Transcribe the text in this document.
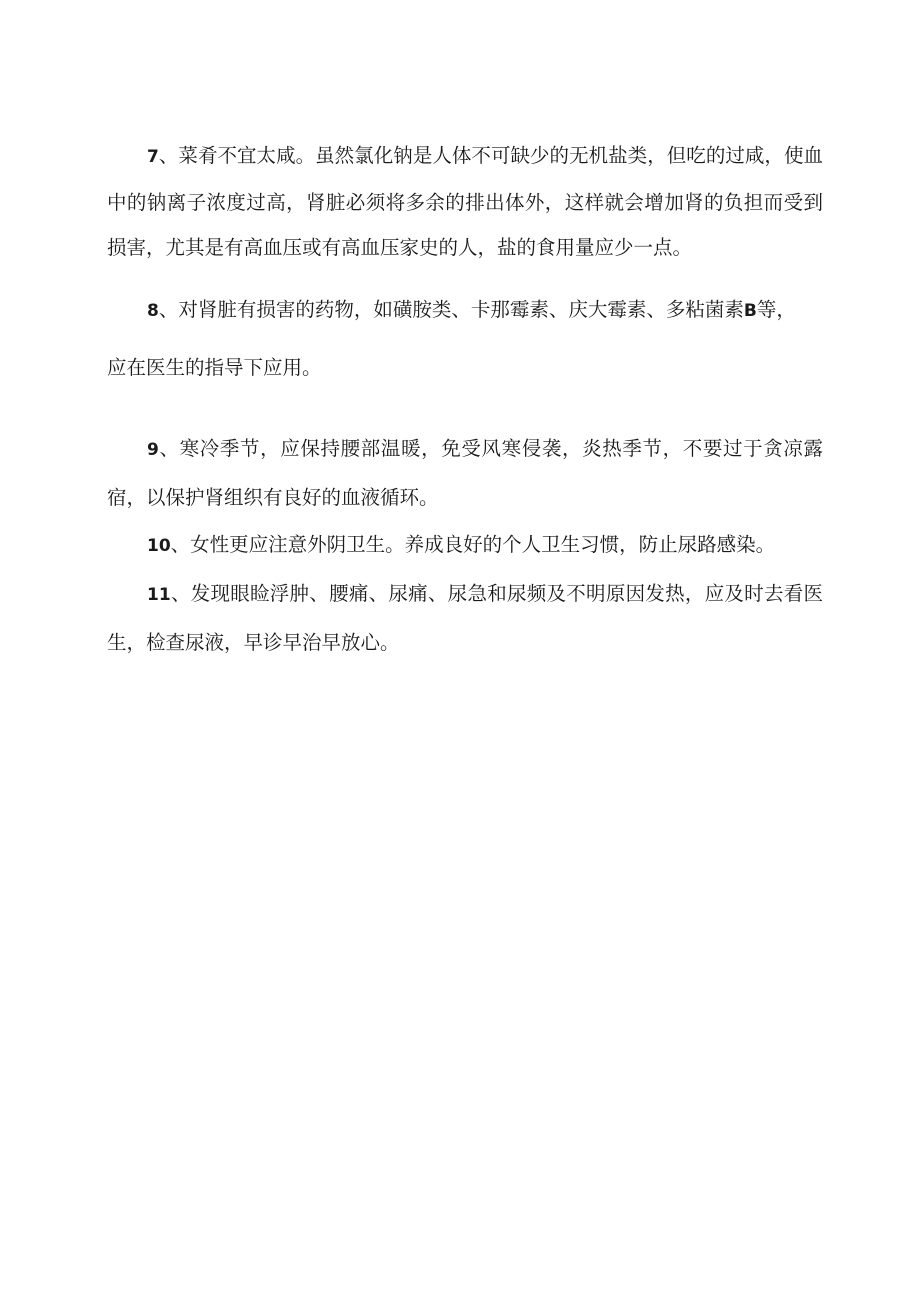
7、菜肴不宜太咸。虽然氯化钠是人体不可缺少的无机盐类，但吃的过咸，使血中的钠离子浓度过高，肾脏必须将多余的排出体外，这样就会增加肾的负担而受到损害，尤其是有高血压或有高血压家史的人，盐的食用量应少一点。

8、对肾脏有损害的药物，如磺胺类、卡那霉素、庆大霉素、多粘菌素B等，

应在医生的指导下应用。

9、寒冷季节，应保持腰部温暖，免受风寒侵袭，炎热季节，不要过于贪凉露宿，以保护肾组织有良好的血液循环。

10、女性更应注意外阴卫生。养成良好的个人卫生习惯，防止尿路感染。

11、发现眼睑浮肿、腰痛、尿痛、尿急和尿频及不明原因发热，应及时去看医生，检查尿液，早诊早治早放心。
